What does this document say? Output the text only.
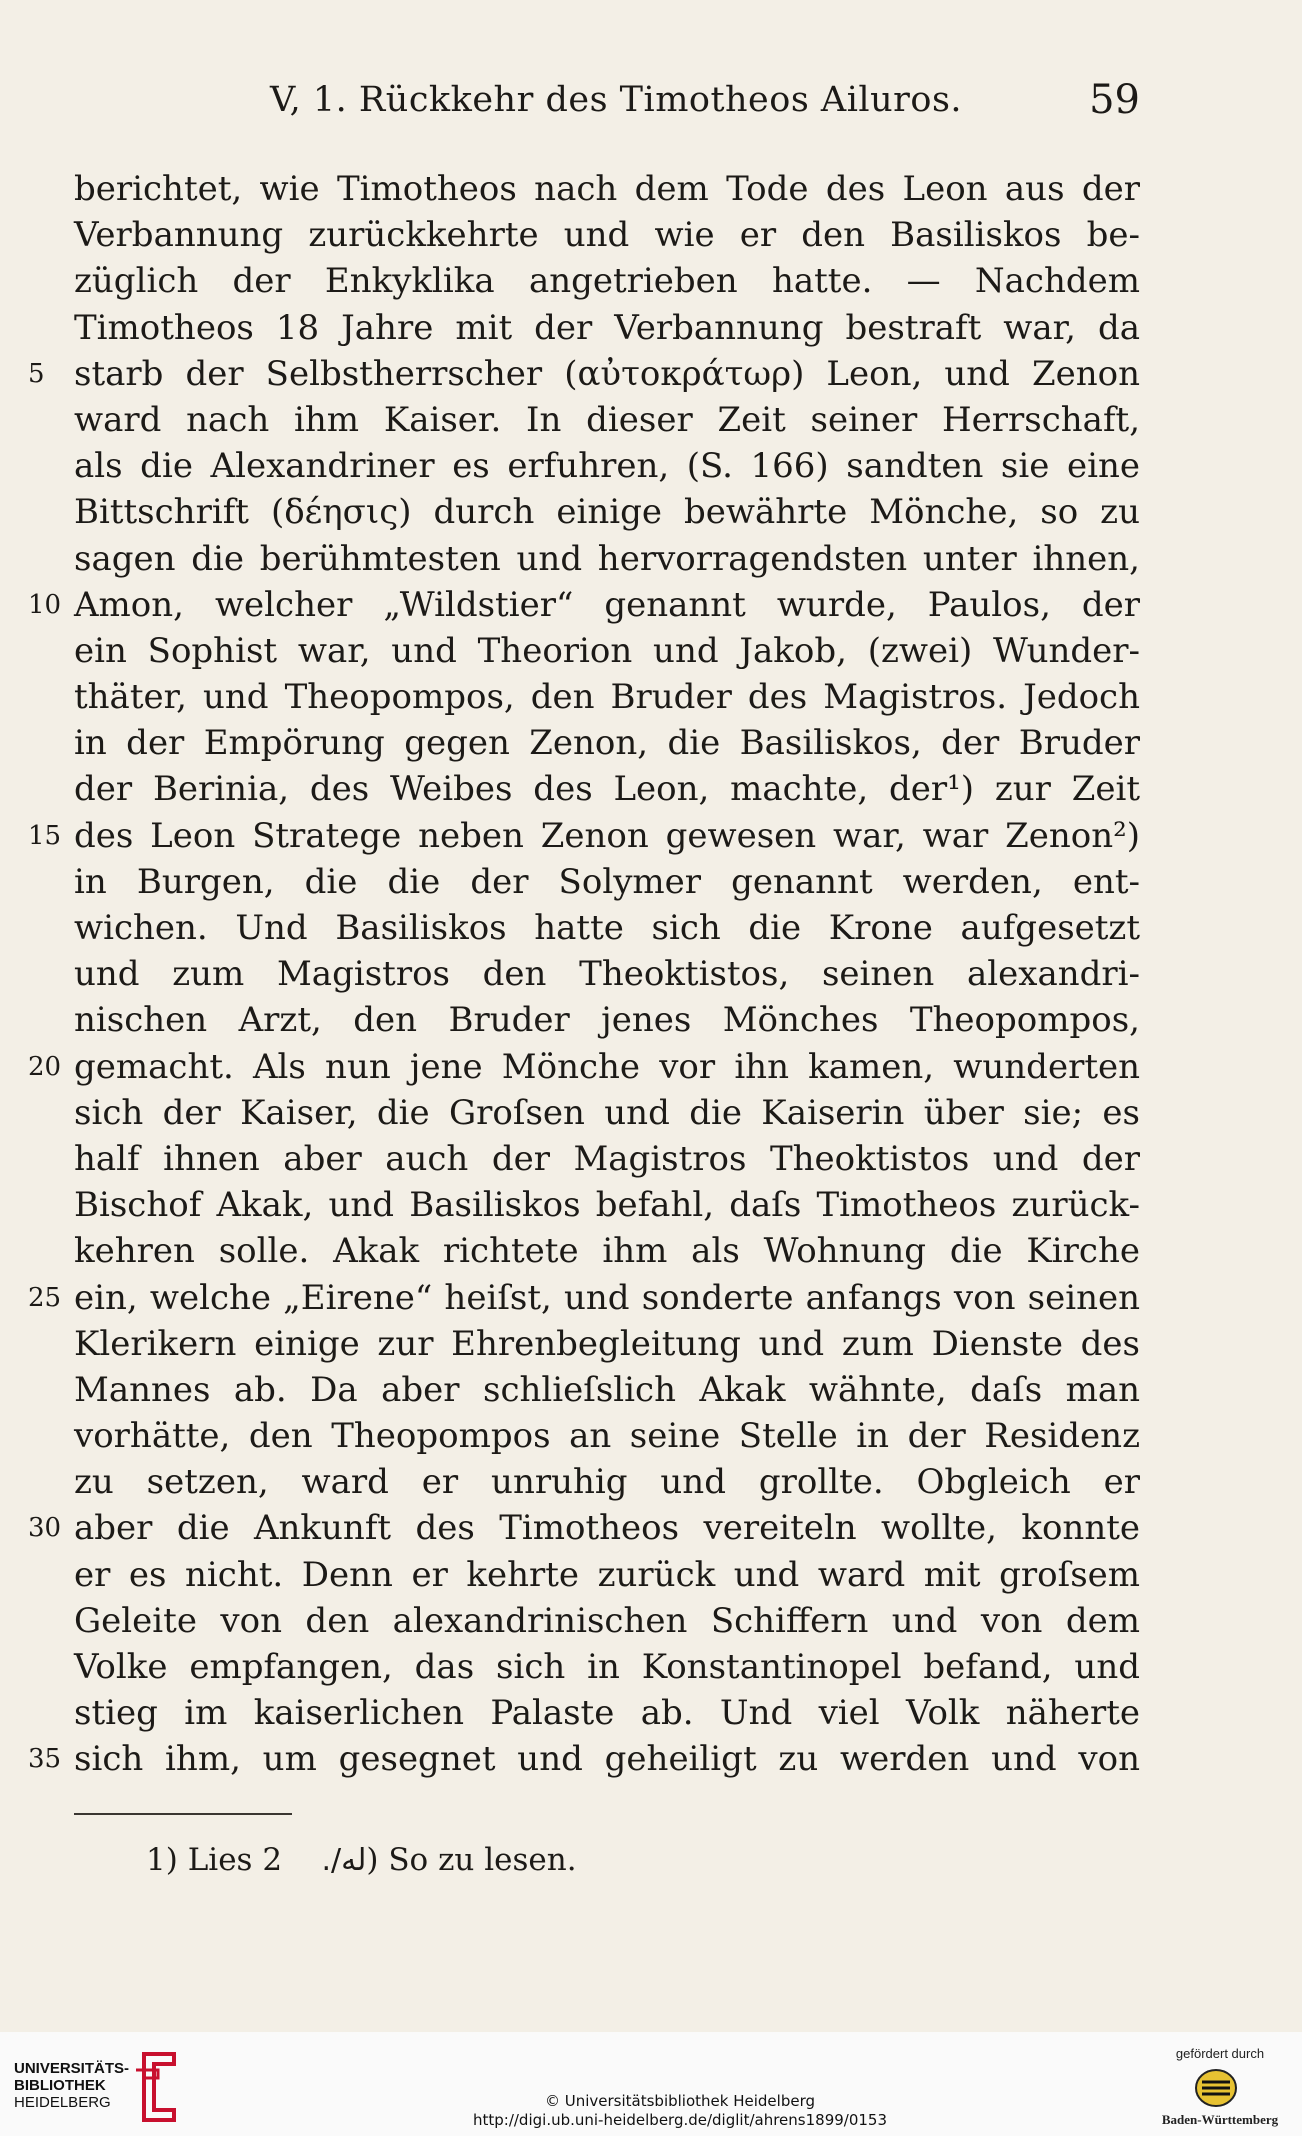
V, 1. Rückkehr des Timotheos Ailuros.	59
berichtet, wie Timotheos nach dem Tode des Leon aus der
Verbannung zurückkehrte und wie er den Basiliskos be-
züglich der Enkyklika angetrieben hatte. — Nachdem
Timotheos 18 Jahre mit der Verbannung bestraft war, da
5 starb der Selbstherrscher (αὐτοκράτωρ) Leon, und Zenon
ward nach ihm Kaiser. In dieser Zeit seiner Herrschaft,
als die Alexandriner es erfuhren, (S. 166) sandten sie eine
Bittschrift (δέησις) durch einige bewährte Mönche, so zu
sagen die berühmtesten und hervorragendsten unter ihnen,
10 Amon, welcher „Wildstier“ genannt wurde, Paulos, der
ein Sophist war, und Theorion und Jakob, (zwei) Wunder-
thäter, und Theopompos, den Bruder des Magistros. Jedoch
in der Empörung gegen Zenon, die Basiliskos, der Bruder
der Berinia, des Weibes des Leon, machte, der¹) zur Zeit
15 des Leon Stratege neben Zenon gewesen war, war Zenon²)
in Burgen, die die der Solymer genannt werden, ent-
wichen. Und Basiliskos hatte sich die Krone aufgesetzt
und zum Magistros den Theoktistos, seinen alexandri-
nischen Arzt, den Bruder jenes Mönches Theopompos,
20 gemacht. Als nun jene Mönche vor ihn kamen, wunderten
sich der Kaiser, die Groſsen und die Kaiserin über sie; es
half ihnen aber auch der Magistros Theoktistos und der
Bischof Akak, und Basiliskos befahl, daſs Timotheos zurück-
kehren solle. Akak richtete ihm als Wohnung die Kirche
25 ein, welche „Eirene“ heiſst, und sonderte anfangs von seinen
Klerikern einige zur Ehrenbegleitung und zum Dienste des
Mannes ab. Da aber schlieſslich Akak wähnte, daſs man
vorhätte, den Theopompos an seine Stelle in der Residenz
zu setzen, ward er unruhig und grollte. Obgleich er
30 aber die Ankunft des Timotheos vereiteln wollte, konnte
er es nicht. Denn er kehrte zurück und ward mit groſsem
Geleite von den alexandrinischen Schiffern und von dem
Volke empfangen, das sich in Konstantinopel befand, und
stieg im kaiserlichen Palaste ab. Und viel Volk näherte
35 sich ihm, um gesegnet und geheiligt zu werden und von
1) Lies ﻟﻪ/.    2) So zu lesen.
UNIVERSITÄTS-
BIBLIOTHEK
HEIDELBERG	© Universitätsbibliothek Heidelberg
http://digi.ub.uni-heidelberg.de/diglit/ahrens1899/0153
gefördert durch
Baden-Württemberg
